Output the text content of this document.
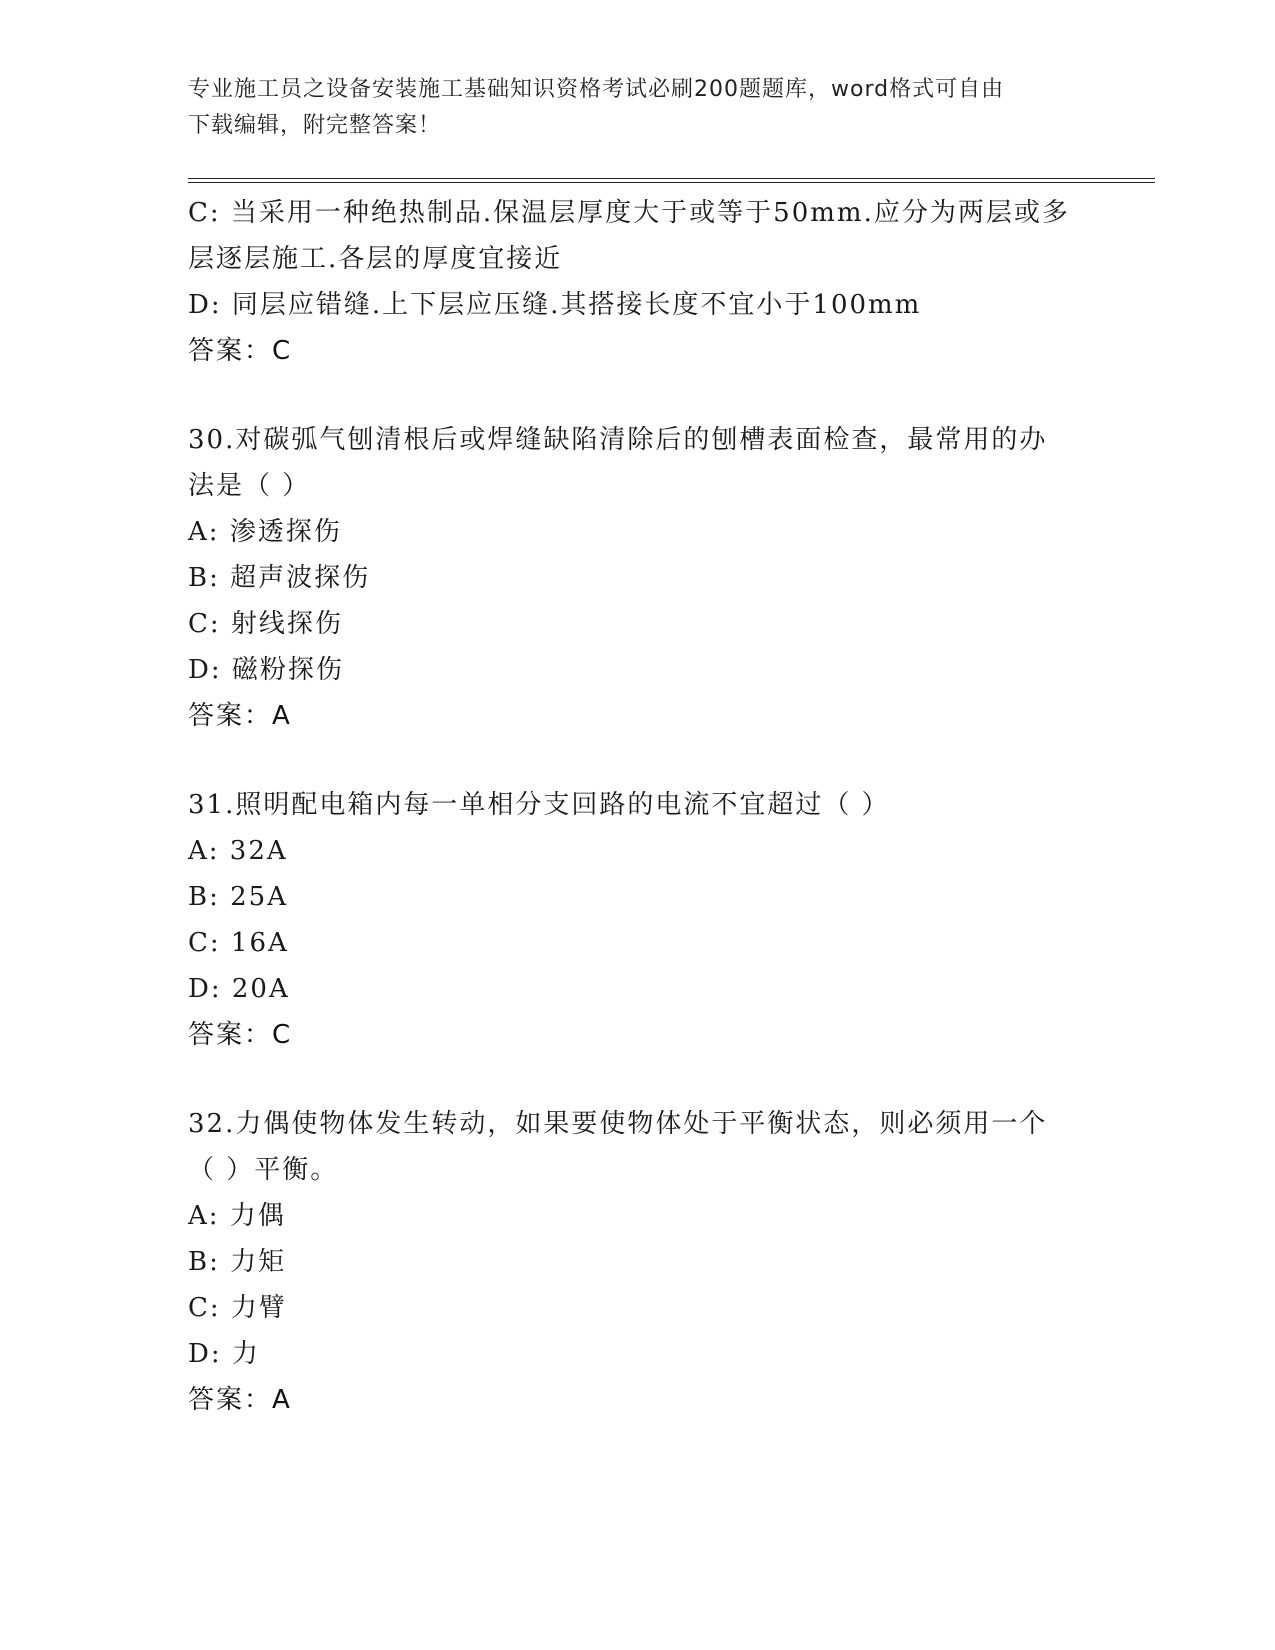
专业施工员之设备安装施工基础知识资格考试必刷200题题库，word格式可自由
下载编辑，附完整答案！
C: 当采用一种绝热制品.保温层厚度大于或等于50mm.应分为两层或多
层逐层施工.各层的厚度宜接近
D: 同层应错缝.上下层应压缝.其搭接长度不宜小于100mm
答案：C
30.对碳弧气刨清根后或焊缝缺陷清除后的刨槽表面检查，最常用的办
法是（ ）
A: 渗透探伤
B: 超声波探伤
C: 射线探伤
D: 磁粉探伤
答案：A
31.照明配电箱内每一单相分支回路的电流不宜超过（ ）
A: 32A
B: 25A
C: 16A
D: 20A
答案：C
32.力偶使物体发生转动，如果要使物体处于平衡状态，则必须用一个
（ ）平衡。
A: 力偶
B: 力矩
C: 力臂
D: 力
答案：A
